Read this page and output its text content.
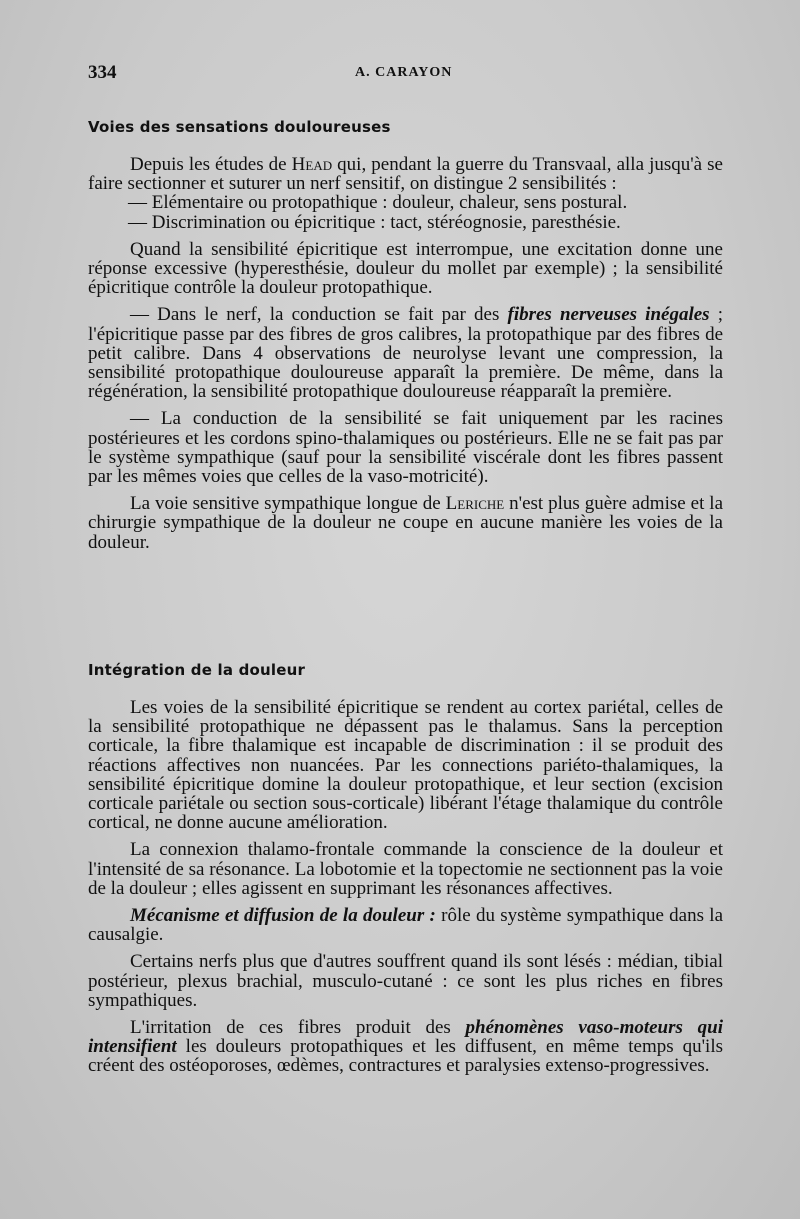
334	A. CARAYON
Voies des sensations douloureuses

Depuis les études de Head qui, pendant la guerre du Transvaal, alla jusqu'à se faire sectionner et suturer un nerf sensitif, on distingue 2 sensibilités :

— Elémentaire ou protopathique : douleur, chaleur, sens postural.

— Discrimination ou épicritique : tact, stéréognosie, paresthésie.

Quand la sensibilité épicritique est interrompue, une excitation donne une réponse excessive (hyperesthésie, douleur du mollet par exemple) ; la sensibilité épicritique contrôle la douleur protopathique.

— Dans le nerf, la conduction se fait par des fibres nerveuses inégales ; l'épicritique passe par des fibres de gros calibres, la protopathique par des fibres de petit calibre. Dans 4 observations de neurolyse levant une compression, la sensibilité protopathique douloureuse apparaît la première. De même, dans la régénération, la sensibilité protopathique douloureuse réapparaît la première.

— La conduction de la sensibilité se fait uniquement par les racines postérieures et les cordons spino-thalamiques ou postérieurs. Elle ne se fait pas par le système sympathique (sauf pour la sensibilité viscérale dont les fibres passent par les mêmes voies que celles de la vaso-motricité).

La voie sensitive sympathique longue de Leriche n'est plus guère admise et la chirurgie sympathique de la douleur ne coupe en aucune manière les voies de la douleur.

Intégration de la douleur

Les voies de la sensibilité épicritique se rendent au cortex pariétal, celles de la sensibilité protopathique ne dépassent pas le thalamus. Sans la perception corticale, la fibre thalamique est incapable de discrimination : il se produit des réactions affectives non nuancées. Par les connections pariéto-thalamiques, la sensibilité épicritique domine la douleur protopathique, et leur section (excision corticale pariétale ou section sous-corticale) libérant l'étage thalamique du contrôle cortical, ne donne aucune amélioration.

La connexion thalamo-frontale commande la conscience de la douleur et l'intensité de sa résonance. La lobotomie et la topectomie ne sectionnent pas la voie de la douleur ; elles agissent en supprimant les résonances affectives.

Mécanisme et diffusion de la douleur : rôle du système sympathique dans la causalgie.

Certains nerfs plus que d'autres souffrent quand ils sont lésés : médian, tibial postérieur, plexus brachial, musculo-cutané : ce sont les plus riches en fibres sympathiques.

L'irritation de ces fibres produit des phénomènes vaso-moteurs qui intensifient les douleurs protopathiques et les diffusent, en même temps qu'ils créent des ostéoporoses, œdèmes, contractures et paralysies extenso-progressives.
